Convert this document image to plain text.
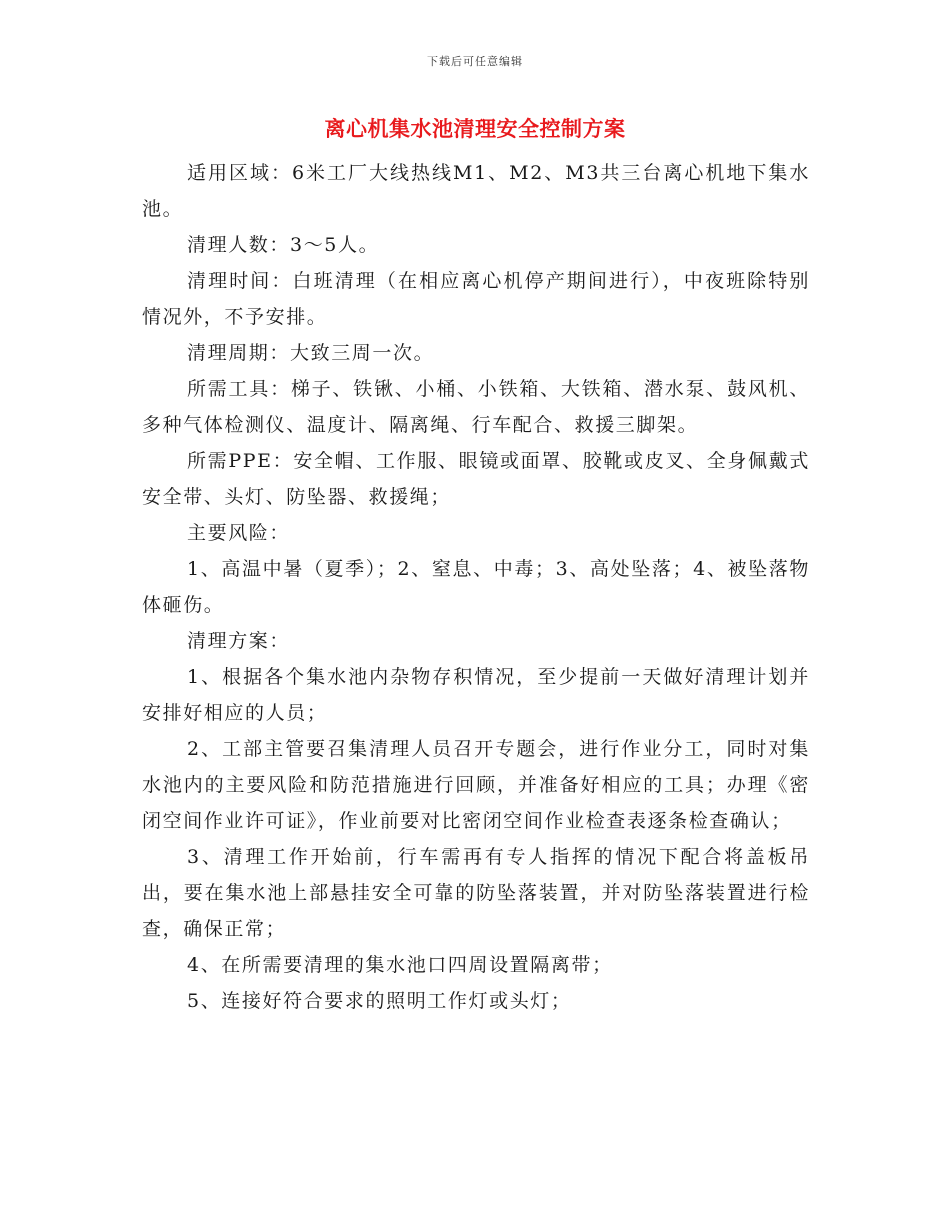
下载后可任意编辑
离心机集水池清理安全控制方案

适用区域：6米工厂大线热线M1、M2、M3共三台离心机地下集水池。

清理人数：3～5人。

清理时间：白班清理（在相应离心机停产期间进行），中夜班除特别情况外，不予安排。

清理周期：大致三周一次。

所需工具：梯子、铁锹、小桶、小铁箱、大铁箱、潜水泵、鼓风机、多种气体检测仪、温度计、隔离绳、行车配合、救援三脚架。

所需PPE：安全帽、工作服、眼镜或面罩、胶靴或皮叉、全身佩戴式安全带、头灯、防坠器、救援绳；

主要风险：

1、高温中暑（夏季）；2、窒息、中毒；3、高处坠落；4、被坠落物体砸伤。

清理方案：

1、根据各个集水池内杂物存积情况，至少提前一天做好清理计划并安排好相应的人员；

2、工部主管要召集清理人员召开专题会，进行作业分工，同时对集水池内的主要风险和防范措施进行回顾，并准备好相应的工具；办理《密闭空间作业许可证》，作业前要对比密闭空间作业检查表逐条检查确认；

3、清理工作开始前，行车需再有专人指挥的情况下配合将盖板吊出，要在集水池上部悬挂安全可靠的防坠落装置，并对防坠落装置进行检查，确保正常；

4、在所需要清理的集水池口四周设置隔离带；

5、连接好符合要求的照明工作灯或头灯；
